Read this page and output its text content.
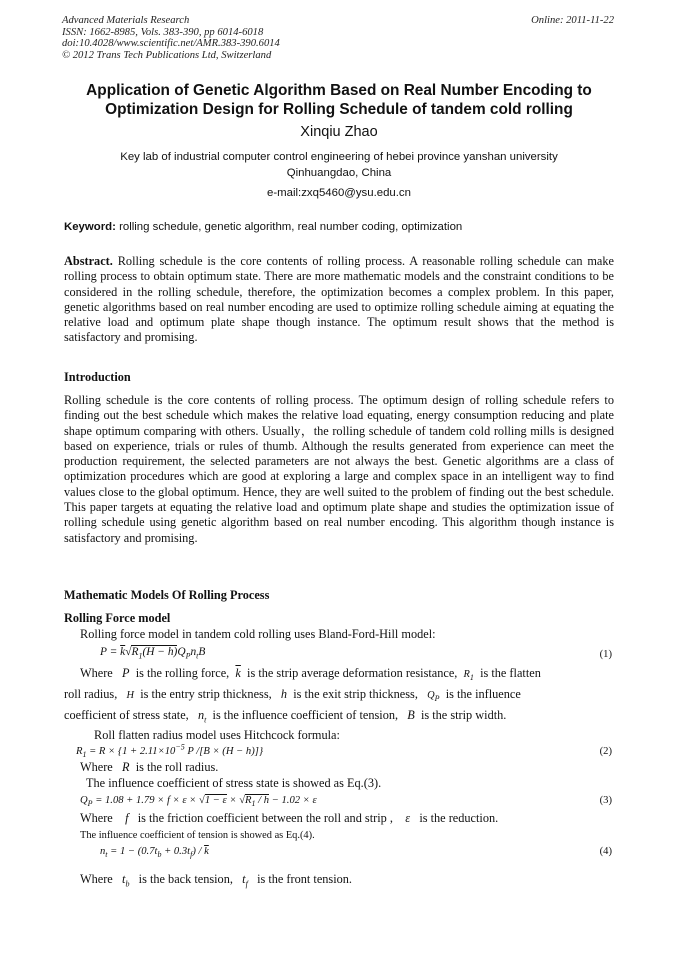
Advanced Materials Research
ISSN: 1662-8985, Vols. 383-390, pp 6014-6018
doi:10.4028/www.scientific.net/AMR.383-390.6014
© 2012 Trans Tech Publications Ltd, Switzerland
Online: 2011-11-22
Application of Genetic Algorithm Based on Real Number Encoding to
Optimization Design for Rolling Schedule of tandem cold rolling
Xinqiu Zhao
Key lab of industrial computer control engineering of hebei province yanshan university
Qinhuangdao, China
e-mail:zxq5460@ysu.edu.cn
Keyword: rolling schedule, genetic algorithm, real number coding, optimization
Abstract. Rolling schedule is the core contents of rolling process. A reasonable rolling schedule can make rolling process to obtain optimum state. There are more mathematic models and the constraint conditions to be considered in the rolling schedule, therefore, the optimization becomes a complex problem. In this paper, genetic algorithms based on real number encoding are used to optimize rolling schedule aiming at equating the relative load and optimum plate shape though instance. The optimum result shows that the method is satisfactory and promising.
Introduction
Rolling schedule is the core contents of rolling process. The optimum design of rolling schedule refers to finding out the best schedule which makes the relative load equating, energy consumption reducing and plate shape optimum comparing with others. Usually，the rolling schedule of tandem cold rolling mills is designed based on experience, trials or rules of thumb. Although the results generated from experience can meet the production requirement, the selected parameters are not always the best. Genetic algorithms are a class of optimization procedures which are good at exploring a large and complex space in an intelligent way to find values close to the global optimum. Hence, they are well suited to the problem of finding out the best schedule. This paper targets at equating the relative load and optimum plate shape and studies the optimization issue of rolling schedule using genetic algorithm based on real number encoding. This algorithm though instance is satisfactory and promising.
Mathematic Models Of Rolling Process
Rolling Force model
Rolling force model in tandem cold rolling uses Bland-Ford-Hill model:
$P = \overline{k}√R_1(H - h)Q_Pn_tB$	(1)
Where P is the rolling force, $\overline{k}$ is the strip average deformation resistance, $R_1$ is the flatten
roll radius, H is the entry strip thickness, h is the exit strip thickness, $Q_P$ is the influence
coefficient of stress state, $n_t$ is the influence coefficient of tension, B is the strip width.
Roll flatten radius model uses Hitchcock formula:
$R_1 = R \times \{1 + 2.11\times 10^{-5}$ P /[B × (H − h)]}	(2)
Where R is the roll radius.
The influence coefficient of stress state is showed as Eq.(3).
$Q_P = 1.08 + 1.79 \times f \times \varepsilon \times √1 - \varepsilon \times √R_1 / h - 1.02 \times \varepsilon$	(3)
Where f is the friction coefficient between the roll and strip , ε is the reduction.
The influence coefficient of tension is showed as Eq.(4).
$n_t = 1 - (0.7t_b + 0.3t_f) / \overline{k}$	(4)
Where $t_b$ is the back tension, $t_f$ is the front tension.
